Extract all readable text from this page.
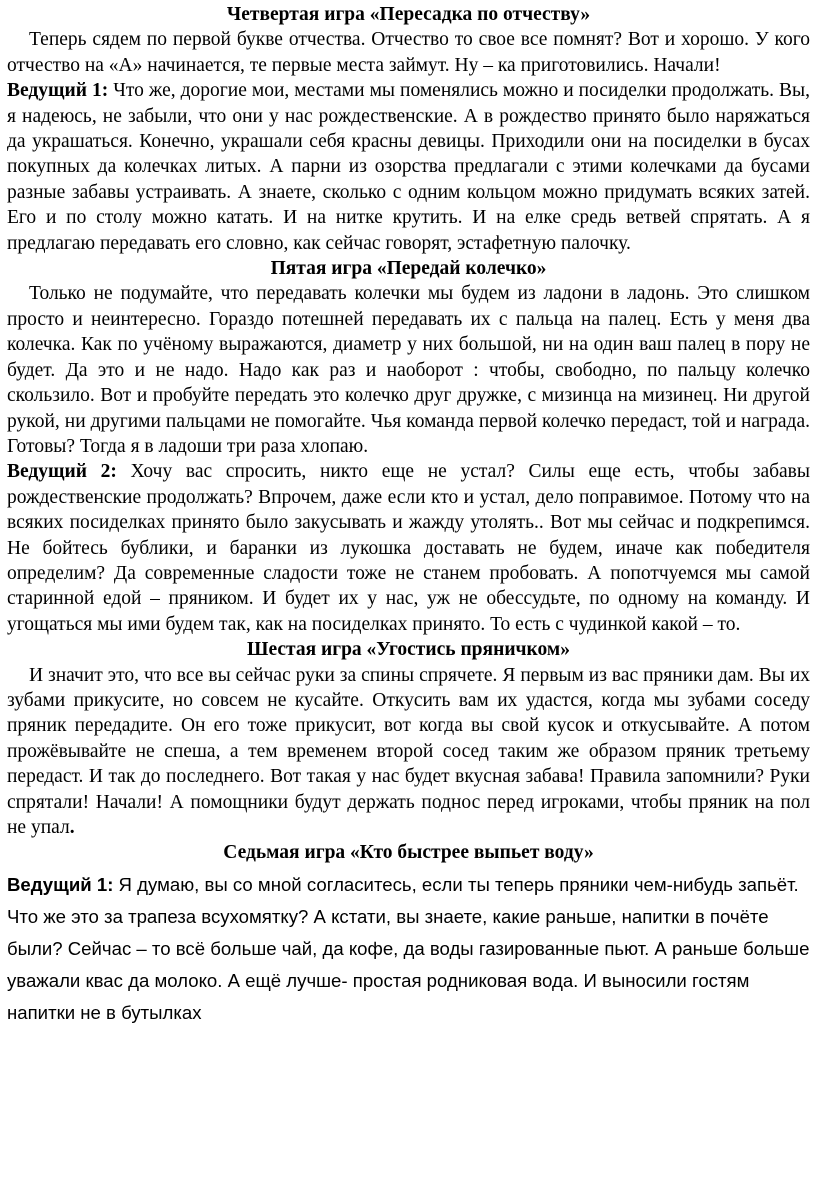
Четвертая игра «Пересадка по отчеству»

Теперь сядем по первой букве отчества. Отчество то свое все помнят? Вот и хорошо. У кого отчество на «А» начинается, те первые места займут. Ну – ка приготовились. Начали!

Ведущий 1: Что же, дорогие мои, местами мы поменялись можно и посиделки продолжать. Вы, я надеюсь, не забыли, что они у нас рождественские. А в рождество принято было наряжаться да украшаться. Конечно, украшали себя красны девицы. Приходили они на посиделки в бусах покупных да колечках литых. А парни из озорства предлагали с этими колечками да бусами разные забавы устраивать. А знаете, сколько с одним кольцом можно придумать всяких затей. Его и по столу можно катать. И на нитке крутить. И на елке средь ветвей спрятать. А я предлагаю передавать его словно, как сейчас говорят, эстафетную палочку.

Пятая игра «Передай колечко»

Только не подумайте, что передавать колечки мы будем из ладони в ладонь. Это слишком просто и неинтересно. Гораздо потешней передавать их с пальца на палец. Есть у меня два колечка. Как по учёному выражаются, диаметр у них большой, ни на один ваш палец в пору не будет. Да это и не надо. Надо как раз и наоборот : чтобы, свободно, по пальцу колечко скользило. Вот и пробуйте передать это колечко друг дружке, с мизинца на мизинец. Ни другой рукой, ни другими пальцами не помогайте. Чья команда первой колечко передаст, той и награда. Готовы? Тогда я в ладоши три раза хлопаю.

Ведущий 2: Хочу вас спросить, никто еще не устал? Силы еще есть, чтобы забавы рождественские продолжать? Впрочем, даже если кто и устал, дело поправимое. Потому что на всяких посиделках принято было закусывать и жажду утолять.. Вот мы сейчас и подкрепимся. Не бойтесь бублики, и баранки из лукошка доставать не будем, иначе как победителя определим? Да современные сладости тоже не станем пробовать. А попотчуемся мы самой старинной едой – пряником. И будет их у нас, уж не обессудьте, по одному на команду. И угощаться мы ими будем так, как на посиделках принято. То есть с чудинкой какой – то.

Шестая игра «Угостись пряничком»

И значит это, что все вы сейчас руки за спины спрячете. Я первым из вас пряники дам. Вы их зубами прикусите, но совсем не кусайте. Откусить вам их удастся, когда мы зубами соседу пряник передадите. Он его тоже прикусит, вот когда вы свой кусок и откусывайте. А потом прожёвывайте не спеша, а тем временем второй сосед таким же образом пряник третьему передаст. И так до последнего. Вот такая у нас будет вкусная забава! Правила запомнили? Руки спрятали! Начали! А помощники будут держать поднос перед игроками, чтобы пряник на пол не упал.

Седьмая игра «Кто быстрее выпьет воду»

Ведущий 1: Я думаю, вы со мной согласитесь, если ты теперь пряники чем-нибудь запьёт. Что же это за трапеза всухомятку? А кстати, вы знаете, какие раньше, напитки в почёте были? Сейчас – то всё больше чай, да кофе, да воды газированные пьют. А раньше больше уважали квас да молоко. А ещё лучше- простая родниковая вода. И выносили гостям напитки не в бутылках
